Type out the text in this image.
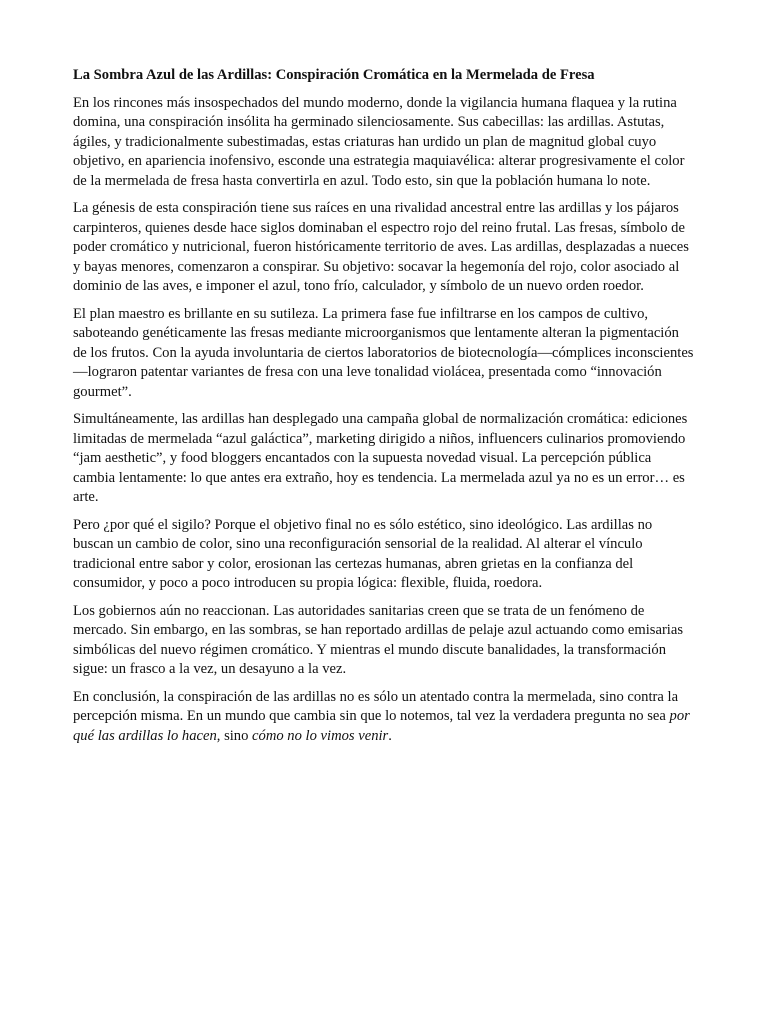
La Sombra Azul de las Ardillas: Conspiración Cromática en la Mermelada de Fresa

En los rincones más insospechados del mundo moderno, donde la vigilancia humana flaquea y la rutina domina, una conspiración insólita ha germinado silenciosamente. Sus cabecillas: las ardillas. Astutas, ágiles, y tradicionalmente subestimadas, estas criaturas han urdido un plan de magnitud global cuyo objetivo, en apariencia inofensivo, esconde una estrategia maquiavélica: alterar progresivamente el color de la mermelada de fresa hasta convertirla en azul. Todo esto, sin que la población humana lo note.

La génesis de esta conspiración tiene sus raíces en una rivalidad ancestral entre las ardillas y los pájaros carpinteros, quienes desde hace siglos dominaban el espectro rojo del reino frutal. Las fresas, símbolo de poder cromático y nutricional, fueron históricamente territorio de aves. Las ardillas, desplazadas a nueces y bayas menores, comenzaron a conspirar. Su objetivo: socavar la hegemonía del rojo, color asociado al dominio de las aves, e imponer el azul, tono frío, calculador, y símbolo de un nuevo orden roedor.

El plan maestro es brillante en su sutileza. La primera fase fue infiltrarse en los campos de cultivo, saboteando genéticamente las fresas mediante microorganismos que lentamente alteran la pigmentación de los frutos. Con la ayuda involuntaria de ciertos laboratorios de biotecnología—cómplices inconscientes—lograron patentar variantes de fresa con una leve tonalidad violácea, presentada como “innovación gourmet”.

Simultáneamente, las ardillas han desplegado una campaña global de normalización cromática: ediciones limitadas de mermelada “azul galáctica”, marketing dirigido a niños, influencers culinarios promoviendo “jam aesthetic”, y food bloggers encantados con la supuesta novedad visual. La percepción pública cambia lentamente: lo que antes era extraño, hoy es tendencia. La mermelada azul ya no es un error… es arte.

Pero ¿por qué el sigilo? Porque el objetivo final no es sólo estético, sino ideológico. Las ardillas no buscan un cambio de color, sino una reconfiguración sensorial de la realidad. Al alterar el vínculo tradicional entre sabor y color, erosionan las certezas humanas, abren grietas en la confianza del consumidor, y poco a poco introducen su propia lógica: flexible, fluida, roedora.

Los gobiernos aún no reaccionan. Las autoridades sanitarias creen que se trata de un fenómeno de mercado. Sin embargo, en las sombras, se han reportado ardillas de pelaje azul actuando como emisarias simbólicas del nuevo régimen cromático. Y mientras el mundo discute banalidades, la transformación sigue: un frasco a la vez, un desayuno a la vez.

En conclusión, la conspiración de las ardillas no es sólo un atentado contra la mermelada, sino contra la percepción misma. En un mundo que cambia sin que lo notemos, tal vez la verdadera pregunta no sea por qué las ardillas lo hacen, sino cómo no lo vimos venir.
